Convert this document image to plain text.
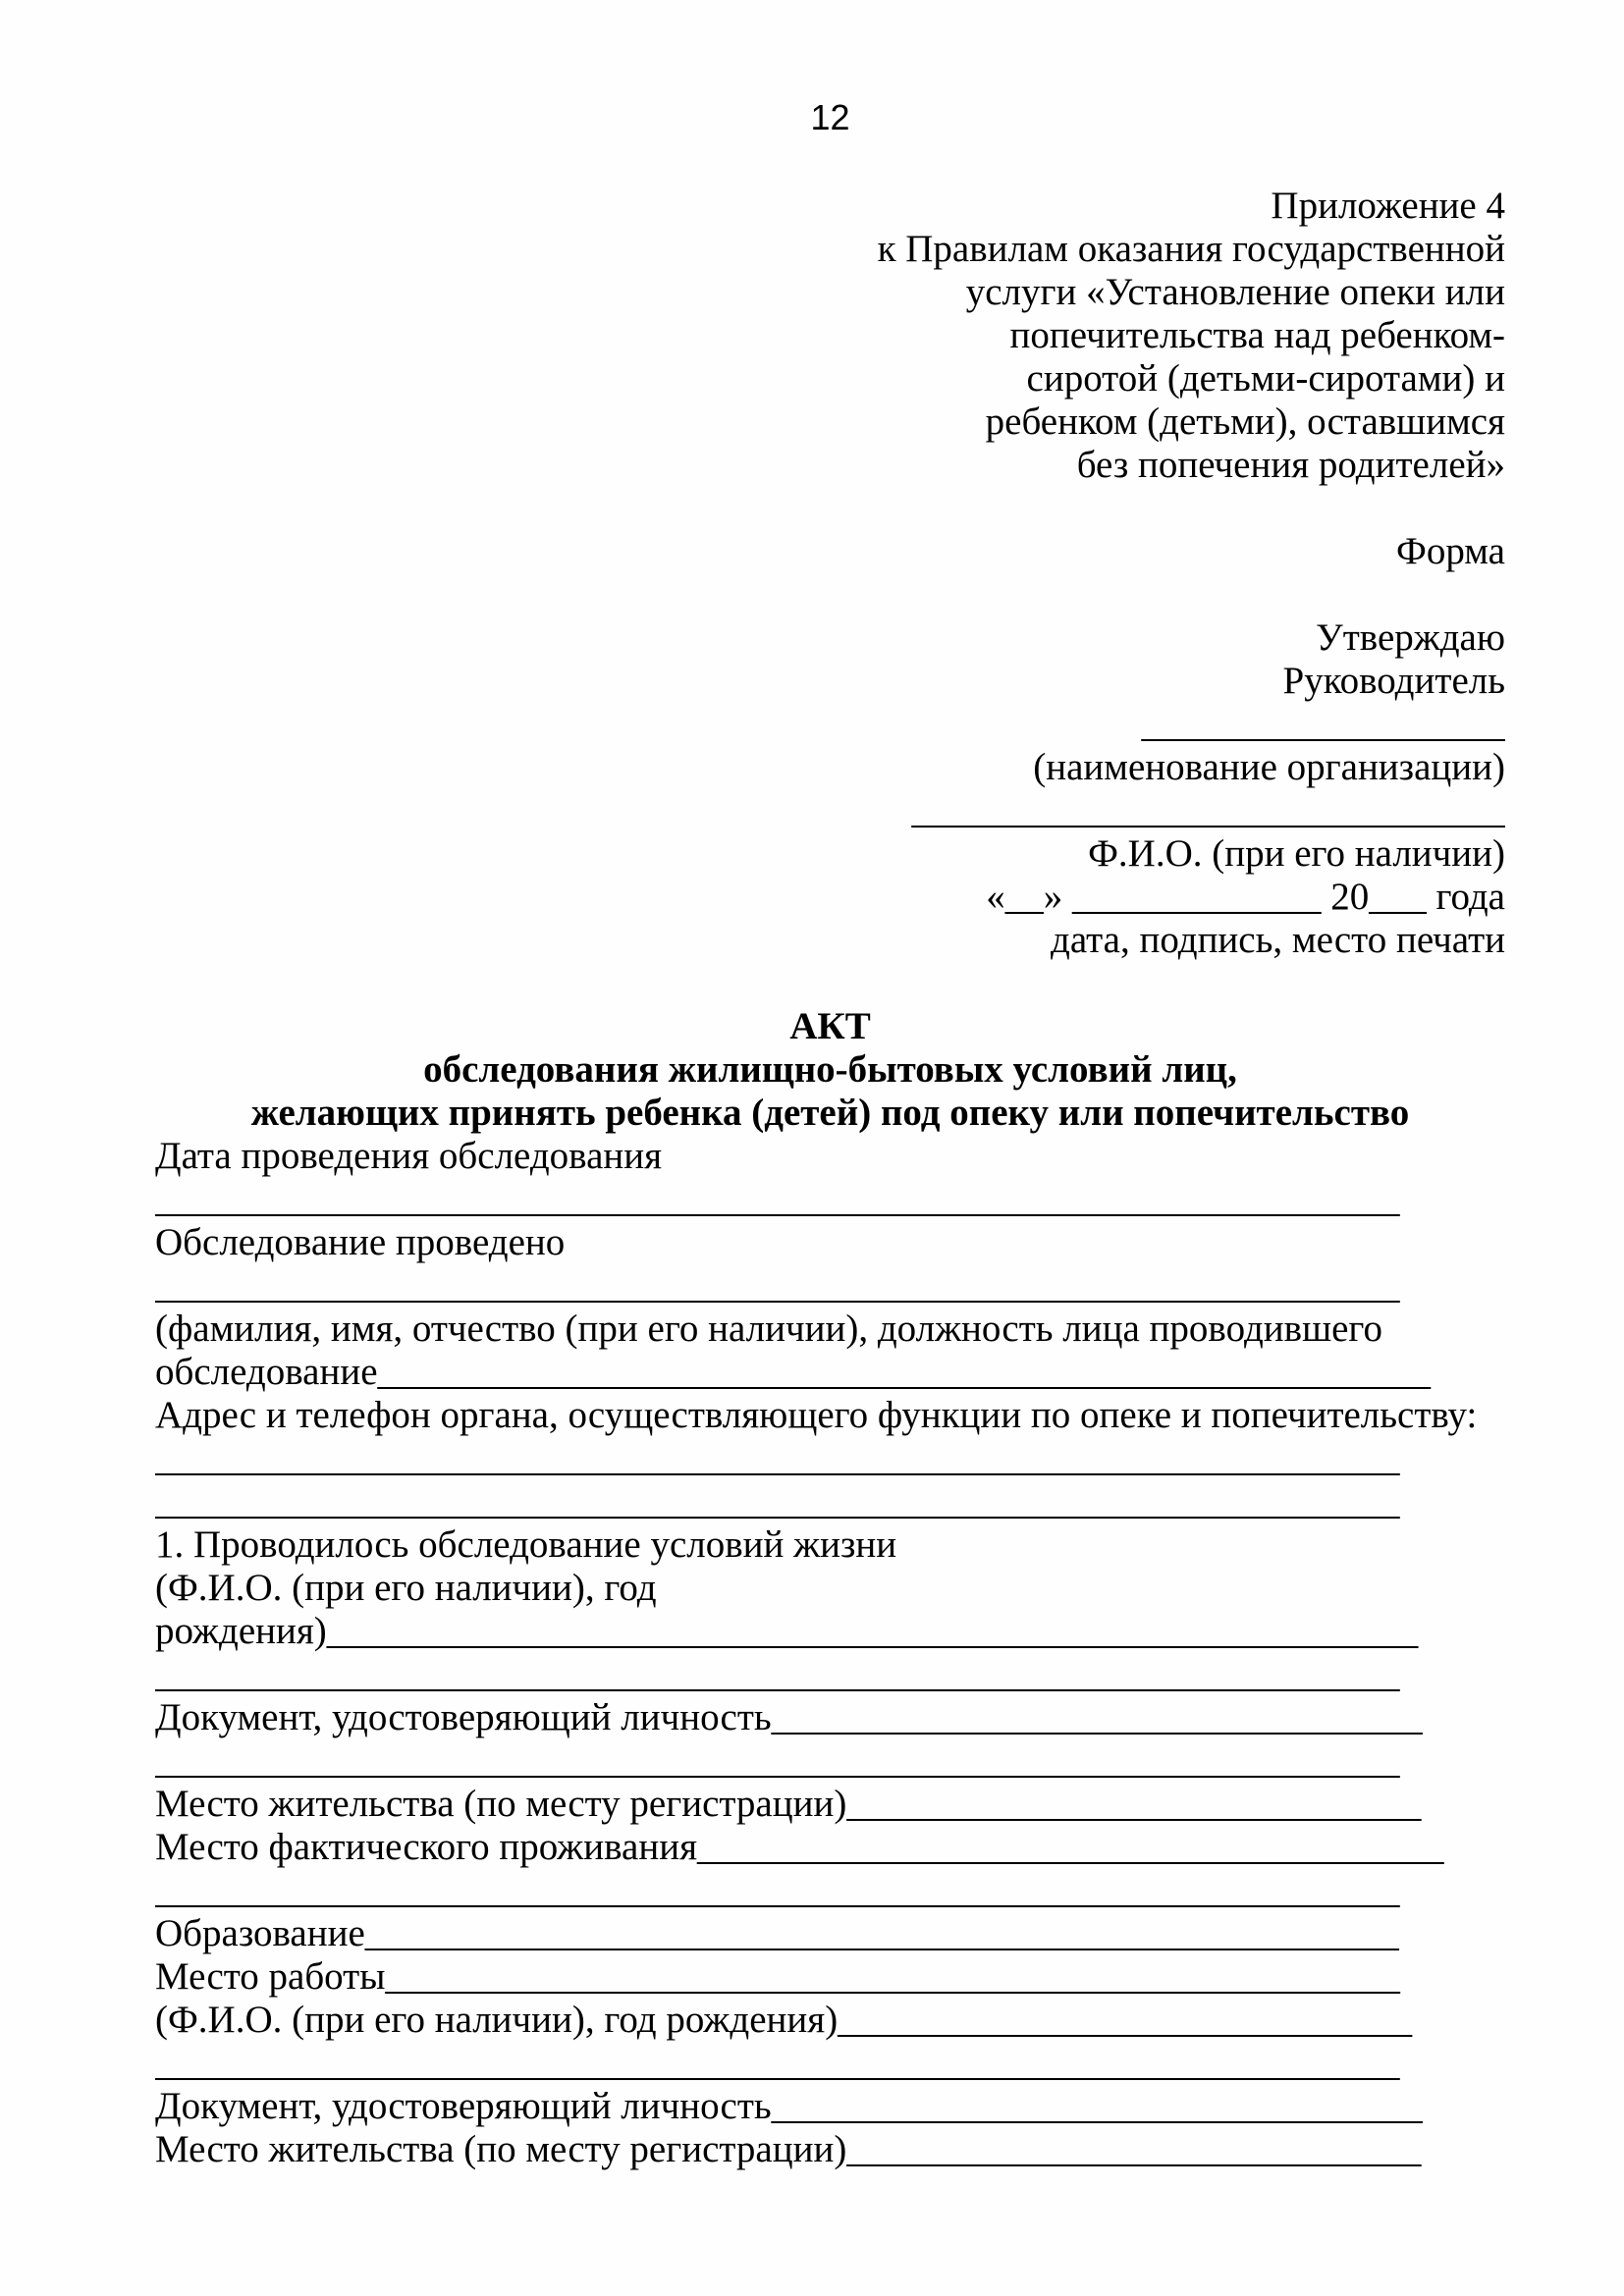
12
Приложение 4
к Правилам оказания государственной
услуги «Установление опеки или
попечительства над ребенком-
сиротой (детьми-сиротами) и
ребенком (детьми), оставшимся
без попечения родителей»
Форма
Утверждаю
Руководитель
___________________
(наименование организации)
_______________________________
Ф.И.О. (при его наличии)
«__» _____________ 20___ года
дата, подпись, место печати
АКТ
обследования жилищно-бытовых условий лиц,
желающих принять ребенка (детей) под опеку или попечительство
Дата проведения обследования
_________________________________________________________________
Обследование проведено
_________________________________________________________________
(фамилия, имя, отчество (при его наличии), должность лица проводившего
обследование_______________________________________________________
Адрес и телефон органа, осуществляющего функции по опеке и попечительству:
_________________________________________________________________
_________________________________________________________________
1. Проводилось обследование условий жизни
(Ф.И.О. (при его наличии), год
рождения)_________________________________________________________
_________________________________________________________________
Документ, удостоверяющий личность__________________________________
_________________________________________________________________
Место жительства (по месту регистрации)______________________________
Место фактического проживания_______________________________________
_________________________________________________________________
Образование______________________________________________________
Место работы_____________________________________________________
(Ф.И.О. (при его наличии), год рождения)______________________________
_________________________________________________________________
Документ, удостоверяющий личность__________________________________
Место жительства (по месту регистрации)______________________________
